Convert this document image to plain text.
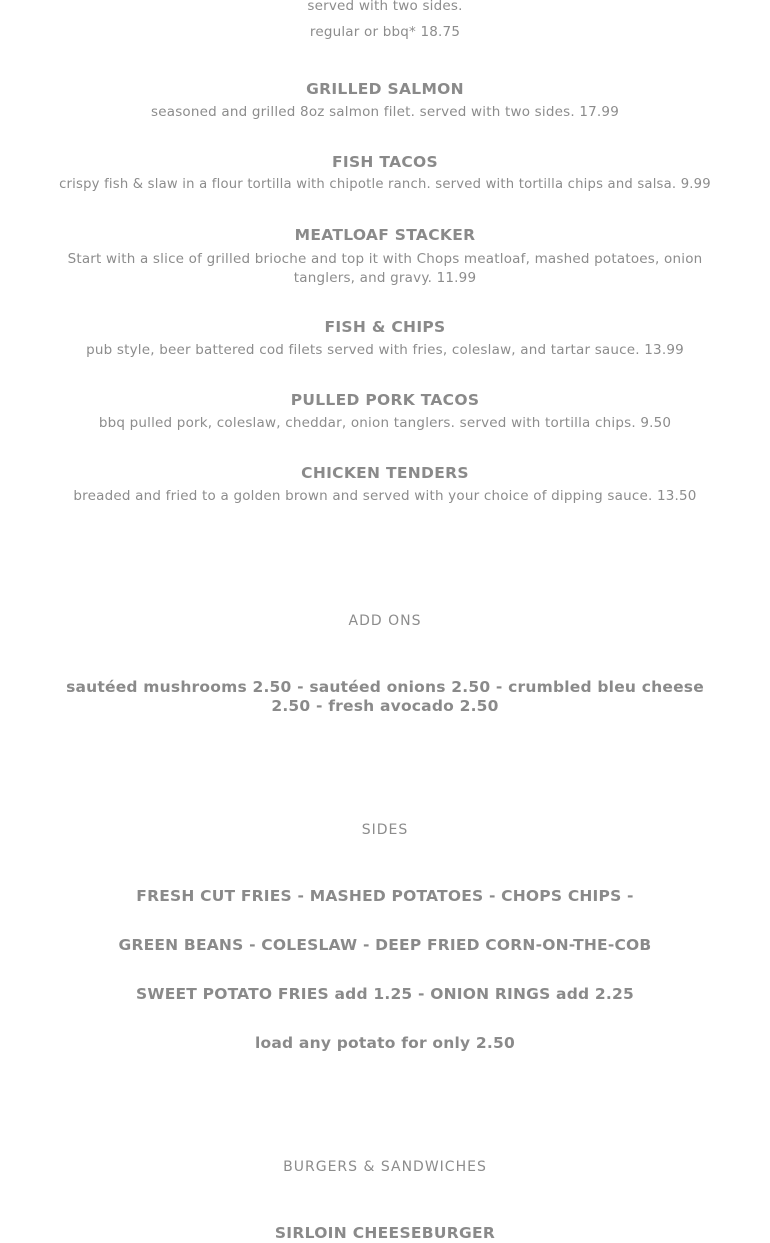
served with two sides.
regular or bbq* 18.75
GRILLED SALMON
seasoned and grilled 8oz salmon filet. served with two sides. 17.99
FISH TACOS
crispy fish & slaw in a flour tortilla with chipotle ranch. served with tortilla chips and salsa. 9.99
MEATLOAF STACKER
Start with a slice of grilled brioche and top it with Chops meatloaf, mashed potatoes, onion tanglers, and gravy. 11.99
FISH & CHIPS
pub style, beer battered cod filets served with fries, coleslaw, and tartar sauce. 13.99
PULLED PORK TACOS
bbq pulled pork, coleslaw, cheddar, onion tanglers. served with tortilla chips. 9.50
CHICKEN TENDERS
breaded and fried to a golden brown and served with your choice of dipping sauce. 13.50
ADD ONS
sautéed mushrooms 2.50 - sautéed onions 2.50 - crumbled bleu cheese 2.50 - fresh avocado 2.50
SIDES
FRESH CUT FRIES - MASHED POTATOES - CHOPS CHIPS -
GREEN BEANS - COLESLAW - DEEP FRIED CORN-ON-THE-COB
SWEET POTATO FRIES add 1.25 - ONION RINGS add 2.25
load any potato for only 2.50
BURGERS & SANDWICHES
SIRLOIN CHEESEBURGER
